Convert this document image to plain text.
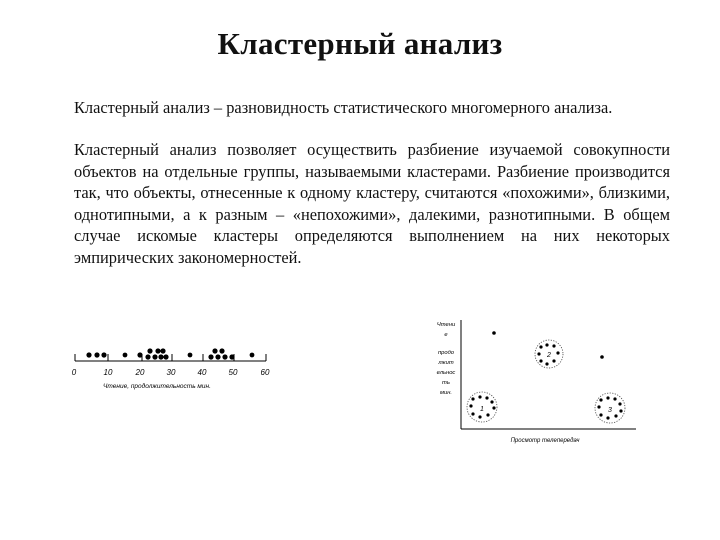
Кластерный анализ
Кластерный анализ – разновидность статистического многомерного анализа.
Кластерный анализ позволяет осуществить разбиение изучаемой совокупности объектов на отдельные группы, называемыми кластерами. Разбиение производится так, что объекты, отнесенные к одному кластеру, считаются «похожими», близкими, однотипными, а к разным – «непохожими», далекими, разнотипными. В общем случае искомые кластеры определяются выполнением на них некоторых эмпирических закономерностей.
0	10	20	30	40	50	60
Чтение, продолжительность мин.
Чтени
е
продо
лжит
ельнос
ть
мин.
Просмотр телепередач
2
1	3
